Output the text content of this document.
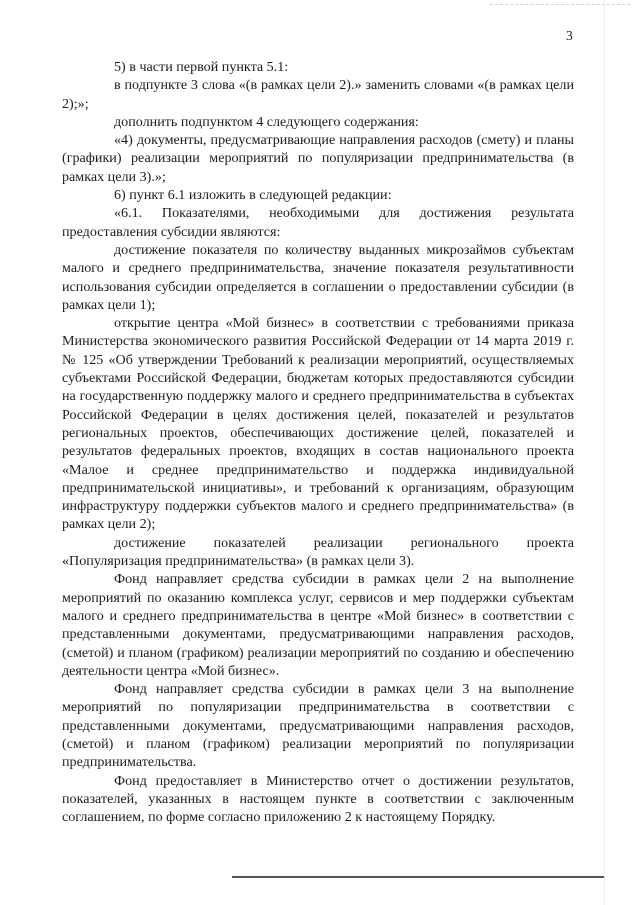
3

5) в части первой пункта 5.1:

в подпункте 3 слова «(в рамках цели 2).» заменить словами «(в рамках цели 2);»;

дополнить подпунктом 4 следующего содержания:

«4) документы, предусматривающие направления расходов (смету) и планы (графики) реализации мероприятий по популяризации предпринимательства (в рамках цели 3).»;

6) пункт 6.1 изложить в следующей редакции:

«6.1. Показателями, необходимыми для достижения результата предоставления субсидии являются:

достижение показателя по количеству выданных микрозаймов субъектам малого и среднего предпринимательства, значение показателя результативности использования субсидии определяется в соглашении о предоставлении субсидии (в рамках цели 1);

открытие центра «Мой бизнес» в соответствии с требованиями приказа Министерства экономического развития Российской Федерации от 14 марта 2019 г. № 125 «Об утверждении Требований к реализации мероприятий, осуществляемых субъектами Российской Федерации, бюджетам которых предоставляются субсидии на государственную поддержку малого и среднего предпринимательства в субъектах Российской Федерации в целях достижения целей, показателей и результатов региональных проектов, обеспечивающих достижение целей, показателей и результатов федеральных проектов, входящих в состав национального проекта «Малое и среднее предпринимательство и поддержка индивидуальной предпринимательской инициативы», и требований к организациям, образующим инфраструктуру поддержки субъектов малого и среднего предпринимательства» (в рамках цели 2);

достижение показателей реализации регионального проекта «Популяризация предпринимательства» (в рамках цели 3).

Фонд направляет средства субсидии в рамках цели 2 на выполнение мероприятий по оказанию комплекса услуг, сервисов и мер поддержки субъектам малого и среднего предпринимательства в центре «Мой бизнес» в соответствии с представленными документами, предусматривающими направления расходов, (сметой) и планом (графиком) реализации мероприятий по созданию и обеспечению деятельности центра «Мой бизнес».

Фонд направляет средства субсидии в рамках цели 3 на выполнение мероприятий по популяризации предпринимательства в соответствии с представленными документами, предусматривающими направления расходов, (сметой) и планом (графиком) реализации мероприятий по популяризации предпринимательства.

Фонд предоставляет в Министерство отчет о достижении результатов, показателей, указанных в настоящем пункте в соответствии с заключенным соглашением, по форме согласно приложению 2 к настоящему Порядку.
